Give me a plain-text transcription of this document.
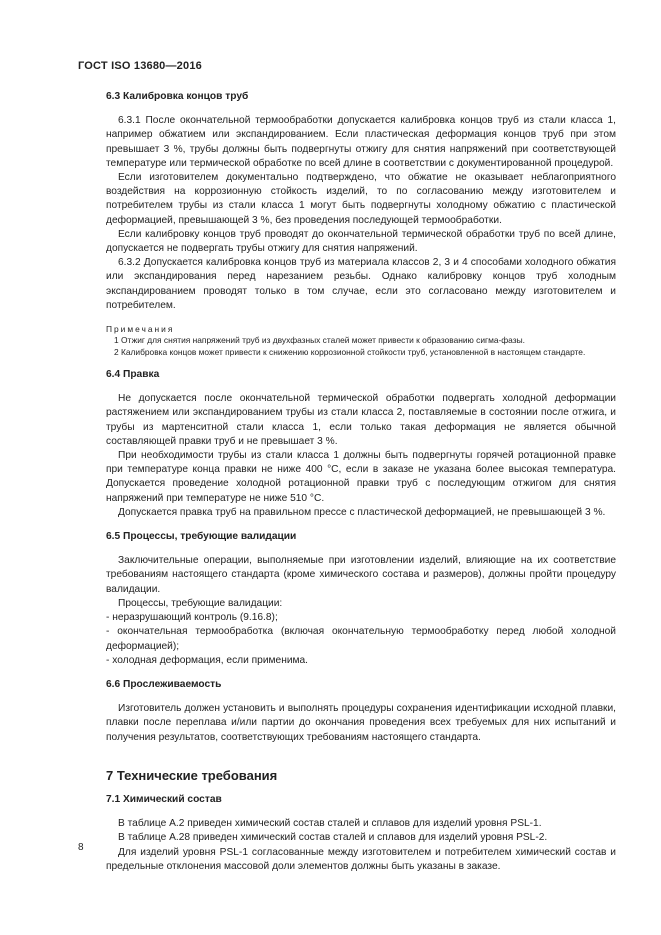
ГОСТ ISO 13680—2016
6.3 Калибровка концов труб
6.3.1 После окончательной термообработки допускается калибровка концов труб из стали класса 1, например обжатием или экспандированием. Если пластическая деформация концов труб при этом превышает 3 %, трубы должны быть подвергнуты отжигу для снятия напряжений при соответствующей температуре или термической обработке по всей длине в соответствии с документированной процедурой.
Если изготовителем документально подтверждено, что обжатие не оказывает неблагоприятного воздействия на коррозионную стойкость изделий, то по согласованию между изготовителем и потребителем трубы из стали класса 1 могут быть подвергнуты холодному обжатию с пластической деформацией, превышающей 3 %, без проведения последующей термообработки.
Если калибровку концов труб проводят до окончательной термической обработки труб по всей длине, допускается не подвергать трубы отжигу для снятия напряжений.
6.3.2 Допускается калибровка концов труб из материала классов 2, 3 и 4 способами холодного обжатия или экспандирования перед нарезанием резьбы. Однако калибровку концов труб холодным экспандированием проводят только в том случае, если это согласовано между изготовителем и потребителем.
Примечания
1 Отжиг для снятия напряжений труб из двухфазных сталей может привести к образованию сигма-фазы.
2 Калибровка концов может привести к снижению коррозионной стойкости труб, установленной в настоящем стандарте.
6.4 Правка
Не допускается после окончательной термической обработки подвергать холодной деформации растяжением или экспандированием трубы из стали класса 2, поставляемые в состоянии после отжига, и трубы из мартенситной стали класса 1, если только такая деформация не является обычной составляющей правки труб и не превышает 3 %.
При необходимости трубы из стали класса 1 должны быть подвергнуты горячей ротационной правке при температуре конца правки не ниже 400 °С, если в заказе не указана более высокая температура. Допускается проведение холодной ротационной правки труб с последующим отжигом для снятия напряжений при температуре не ниже 510 °С.
Допускается правка труб на правильном прессе с пластической деформацией, не превышающей 3 %.
6.5 Процессы, требующие валидации
Заключительные операции, выполняемые при изготовлении изделий, влияющие на их соответствие требованиям настоящего стандарта (кроме химического состава и размеров), должны пройти процедуру валидации.
Процессы, требующие валидации:
- неразрушающий контроль (9.16.8);
- окончательная термообработка (включая окончательную термообработку перед любой холодной деформацией);
- холодная деформация, если применима.
6.6 Прослеживаемость
Изготовитель должен установить и выполнять процедуры сохранения идентификации исходной плавки, плавки после переплава и/или партии до окончания проведения всех требуемых для них испытаний и получения результатов, соответствующих требованиям настоящего стандарта.
7 Технические требования
7.1 Химический состав
В таблице А.2 приведен химический состав сталей и сплавов для изделий уровня PSL-1.
В таблице А.28 приведен химический состав сталей и сплавов для изделий уровня PSL-2.
Для изделий уровня PSL-1 согласованные между изготовителем и потребителем химический состав и предельные отклонения массовой доли элементов должны быть указаны в заказе.
8
